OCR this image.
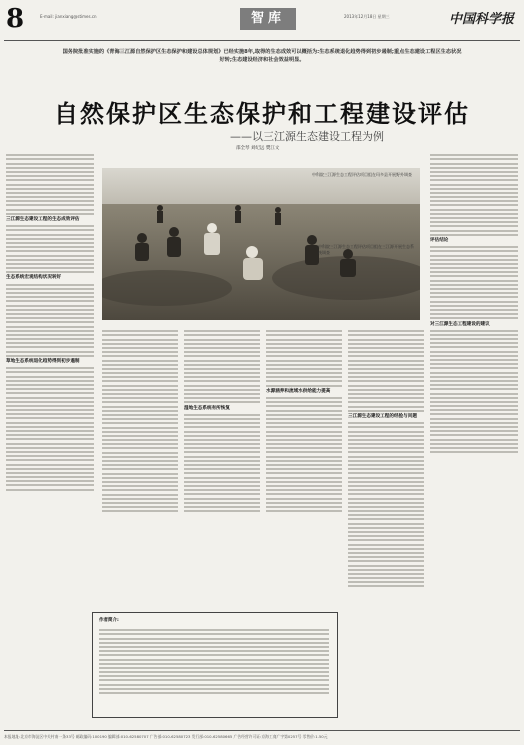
8	E-mail: jianxiang@stimes.cn	智库	2013年12月18日 星期三	中国科学报
国务院批准实施的《青海三江源自然保护区生态保护和建设总体规划》已经实施8年,取得的生态成效可以概括为:生态系统退化趋势得到初步遏制;重点生态建设工程区生态状况好转;生态建设经济和社会效益明显。
自然保护区生态保护和工程建设评估
——以三江源生态建设工程为例
邵全琴 刘纪远 樊江文
三江源生态建设工程的生态成效评估
生态系统宏观结构状况转好
草地生态系统退化趋势得到初步遏制
评估结论
对三江源生态工程建设的建议
中科院三江源生态工程评估项目组在玛多县开展野外调查
中科院三江源生态工程评估项目组在三江源开展生态系统调查
湿地生态系统有所恢复
水源涵养和流域水供给能力提高
三江源生态建设工程的经验与问题
作者简介:
本报地址:北京市海淀区中关村南一条33号 邮政编码:100190 编辑部:010-62580707 广告部:010-62580723 发行部:010-62580665 广告经营许可证:京海工商广字第0257号 零售价:1.50元
